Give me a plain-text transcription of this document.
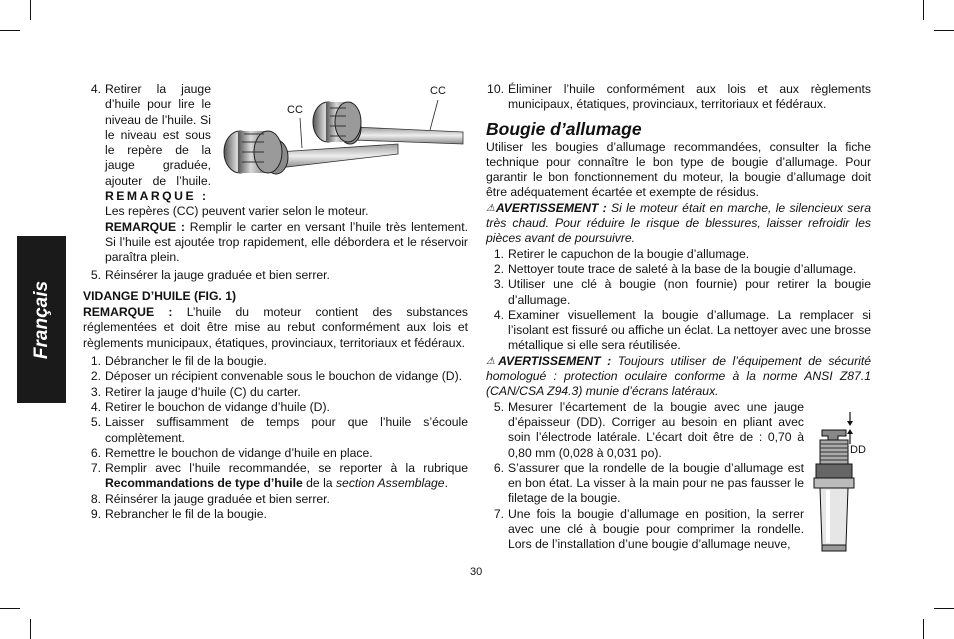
Français
CC
CC
4. Retirer la jauge d’huile pour lire le niveau de l’huile. Si le niveau est sous le repère de la jauge graduée, ajouter de l’huile. REMARQUE :

Les repères (CC) peuvent varier selon le moteur.

REMARQUE : Remplir le carter en versant l’huile très lentement. Si l’huile est ajoutée trop rapidement, elle débordera et le réservoir paraîtra plein.

5. Réinsérer la jauge graduée et bien serrer.

VIDANGE D’HUILE (FIG. 1)

REMARQUE : L’huile du moteur contient des substances réglementées et doit être mise au rebut conformément aux lois et règlements municipaux, étatiques, provinciaux, territoriaux et fédéraux.

1. Débrancher le fil de la bougie.
2. Déposer un récipient convenable sous le bouchon de vidange (D).
3. Retirer la jauge d’huile (C) du carter.
4. Retirer le bouchon de vidange d’huile (D).
5. Laisser suffisamment de temps pour que l’huile s’écoule complètement.
6. Remettre le bouchon de vidange d’huile en place.
7. Remplir avec l’huile recommandée, se reporter à la rubrique Recommandations de type d’huile de la section Assemblage.
8. Réinsérer la jauge graduée et bien serrer.
9. Rebrancher le fil de la bougie.
10. Éliminer l’huile conformément aux lois et aux règlements municipaux, étatiques, provinciaux, territoriaux et fédéraux.

Bougie d’allumage

Utiliser les bougies d’allumage recommandées, consulter la fiche technique pour connaître le bon type de bougie d’allumage. Pour garantir le bon fonctionnement du moteur, la bougie d’allumage doit être adéquatement écartée et exempte de résidus.

⚠AVERTISSEMENT : Si le moteur était en marche, le silencieux sera très chaud. Pour réduire le risque de blessures, laisser refroidir les pièces avant de poursuivre.

1. Retirer le capuchon de la bougie d’allumage.
2. Nettoyer toute trace de saleté à la base de la bougie d’allumage.
3. Utiliser une clé à bougie (non fournie) pour retirer la bougie d’allumage.
4. Examiner visuellement la bougie d’allumage. La remplacer si l’isolant est fissuré ou affiche un éclat. La nettoyer avec une brosse métallique si elle sera réutilisée.

⚠AVERTISSEMENT : Toujours utiliser de l’équipement de sécurité homologué : protection oculaire conforme à la norme ANSI Z87.1 (CAN/CSA Z94.3) munie d’écrans latéraux.

5. Mesurer l’écartement de la bougie avec une jauge d’épaisseur (DD). Corriger au besoin en pliant avec soin l’électrode latérale. L’écart doit être de : 0,70 à 0,80 mm (0,028 à 0,031 po).
6. S’assurer que la rondelle de la bougie d’allumage est en bon état. La visser à la main pour ne pas fausser le filetage de la bougie.
7. Une fois la bougie d’allumage en position, la serrer avec une clé à bougie pour comprimer la rondelle. Lors de l’installation d’une bougie d’allumage neuve,
DD
30
